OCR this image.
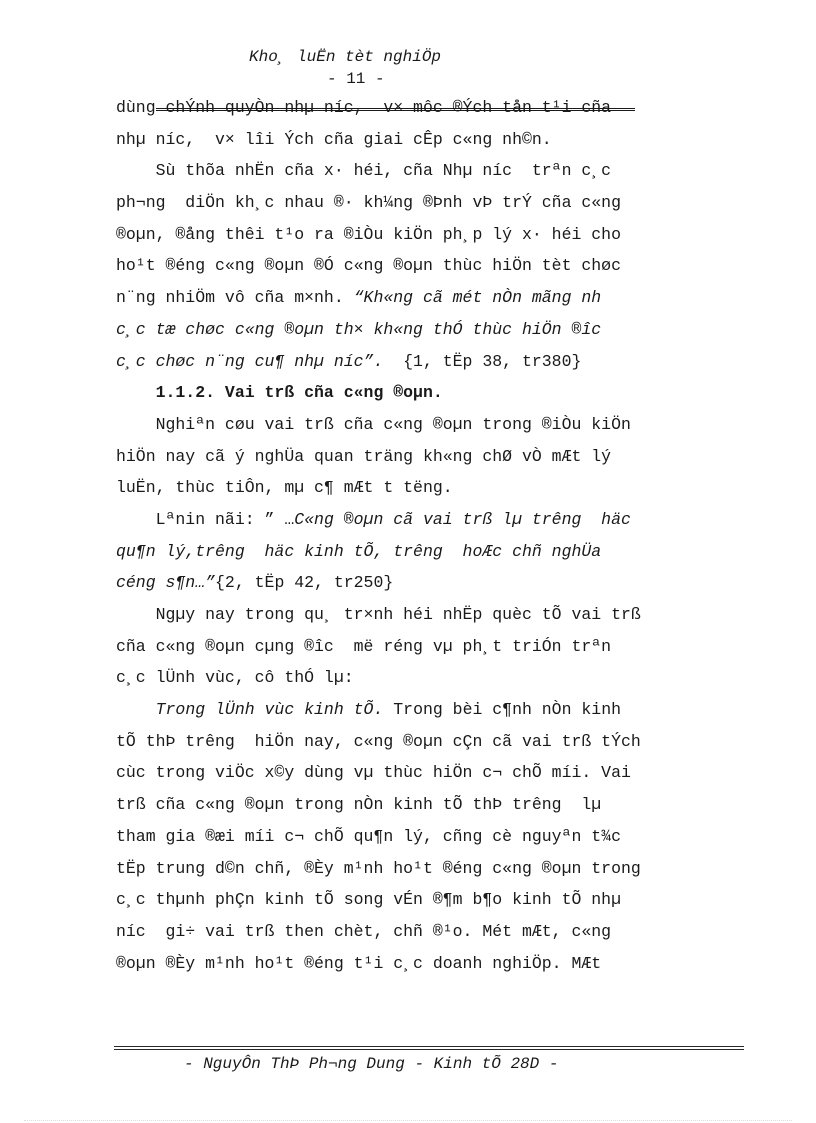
Kho¸ luËn tèt nghiÖp
- 11 -
dùng chÝnh quyÒn nhµ níc,  v× môc ®Ých tån t¹i cña
nhµ níc,  v× lîi Ých cña giai cÊp c«ng nh©n.
Sù thõa nhËn cña x· héi, cña Nhµ níc  trªn c¸c
ph¬ng  diÖn kh¸c nhau ®· kh¼ng ®Þnh vÞ trÝ cña c«ng
®oµn, ®ång thêi t¹o ra ®iÒu kiÖn ph¸p lý x· héi cho
ho¹t ®éng c«ng ®oµn ®Ó c«ng ®oµn thùc hiÖn tèt chøc
n¨ng nhiÖm vô cña m×nh. “Kh«ng cã mét nÒn mãng nh
c¸c tæ chøc c«ng ®oµn th× kh«ng thÓ thùc hiÖn ®îc
c¸c chøc n¨ng cu¶ nhµ níc”.  {1, tËp 38, tr380}
1.1.2. Vai trß cña c«ng ®oµn.
Nghiªn cøu vai trß cña c«ng ®oµn trong ®iÒu kiÖn
hiÖn nay cã ý nghÜa quan träng kh«ng chØ vÒ mÆt lý
luËn, thùc tiÔn, mµ c¶ mÆt t tëng.
Lªnin nãi: ” …C«ng ®oµn cã vai trß lµ trêng  häc
qu¶n lý,trêng  häc kinh tÕ, trêng  hoÆc chñ nghÜa
céng s¶n…”{2, tËp 42, tr250}
Ngµy nay trong qu¸ tr×nh héi nhËp quèc tÕ vai trß
cña c«ng ®oµn cµng ®îc  më réng vµ ph¸t triÓn trªn
c¸c lÜnh vùc, cô thÓ lµ:
Trong lÜnh vùc kinh tÕ. Trong bèi c¶nh nÒn kinh
tÕ thÞ trêng  hiÖn nay, c«ng ®oµn cÇn cã vai trß tÝch
cùc trong viÖc x©y dùng vµ thùc hiÖn c¬ chÕ míi. Vai
trß cña c«ng ®oµn trong nÒn kinh tÕ thÞ trêng  lµ
tham gia ®æi míi c¬ chÕ qu¶n lý, cñng cè nguyªn t¾c
tËp trung d©n chñ, ®Èy m¹nh ho¹t ®éng c«ng ®oµn trong
c¸c thµnh phÇn kinh tÕ song vÉn ®¶m b¶o kinh tÕ nhµ
níc  gi÷ vai trß then chèt, chñ ®¹o. Mét mÆt, c«ng
®oµn ®Èy m¹nh ho¹t ®éng t¹i c¸c doanh nghiÖp. MÆt
- NguyÔn ThÞ Ph¬ng Dung - Kinh tÕ 28D -
